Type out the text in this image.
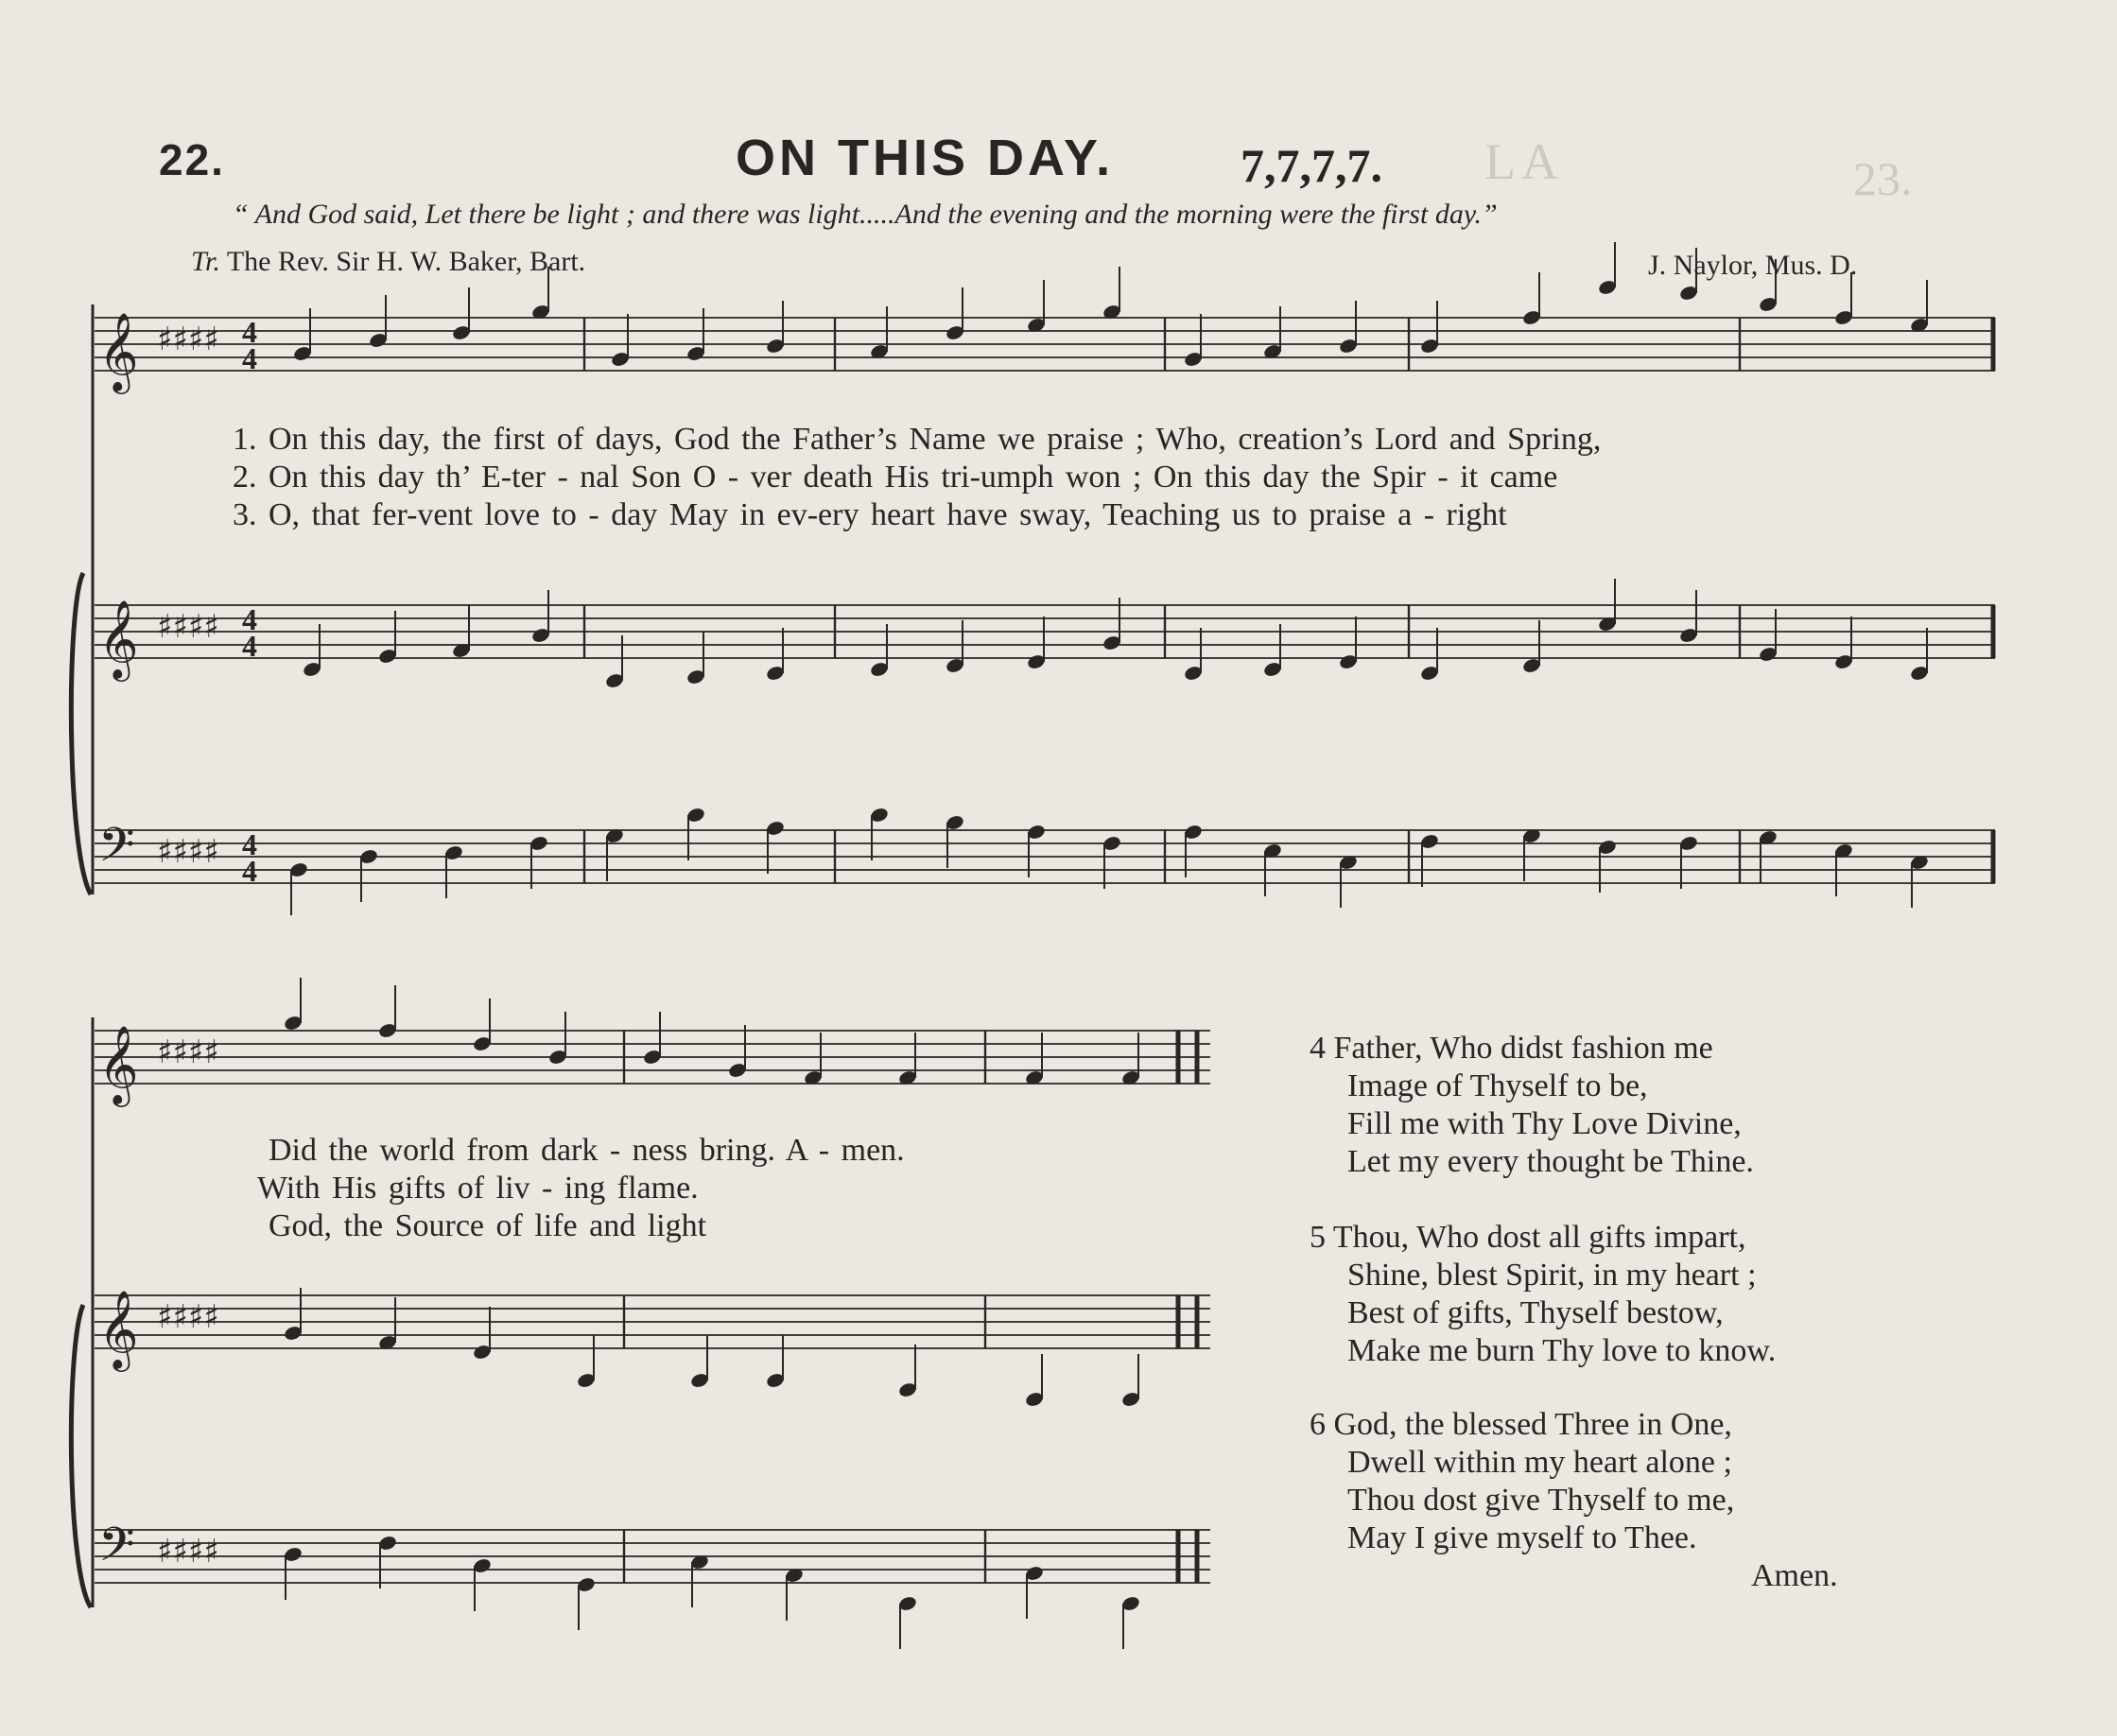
LA	23.
22.	ON THIS DAY.	7,7,7,7.
“ And God said, Let there be light ; and there was light.....And the evening and the morning were the first day.”
Tr. The Rev. Sir H. W. Baker, Bart.	J. Naylor, Mus. D.
𝄞
𝄞
𝄢
𝄞
𝄞
𝄢
♯♯♯♯
♯♯♯♯
♯♯♯♯
♯♯♯♯
♯♯♯♯
♯♯♯♯
4
4
4
4
4
4
1. On this day, the first of days, God the Father’s Name we praise ; Who, creation’s Lord and Spring,
2. On this day th’ E-ter - nal Son O - ver death His tri-umph won ; On this day the Spir - it came
3. O, that fer-vent love to - day May in ev-ery heart have sway, Teaching us to praise a - right
Did the world from dark - ness bring. A - men.
With His gifts of liv - ing flame.
God, the Source of life and light
4 Father, Who didst fashion me
Image of Thyself to be,
Fill me with Thy Love Divine,
Let my every thought be Thine.
5 Thou, Who dost all gifts impart,
Shine, blest Spirit, in my heart ;
Best of gifts, Thyself bestow,
Make me burn Thy love to know.
6 God, the blessed Three in One,
Dwell within my heart alone ;
Thou dost give Thyself to me,
May I give myself to Thee.
Amen.
